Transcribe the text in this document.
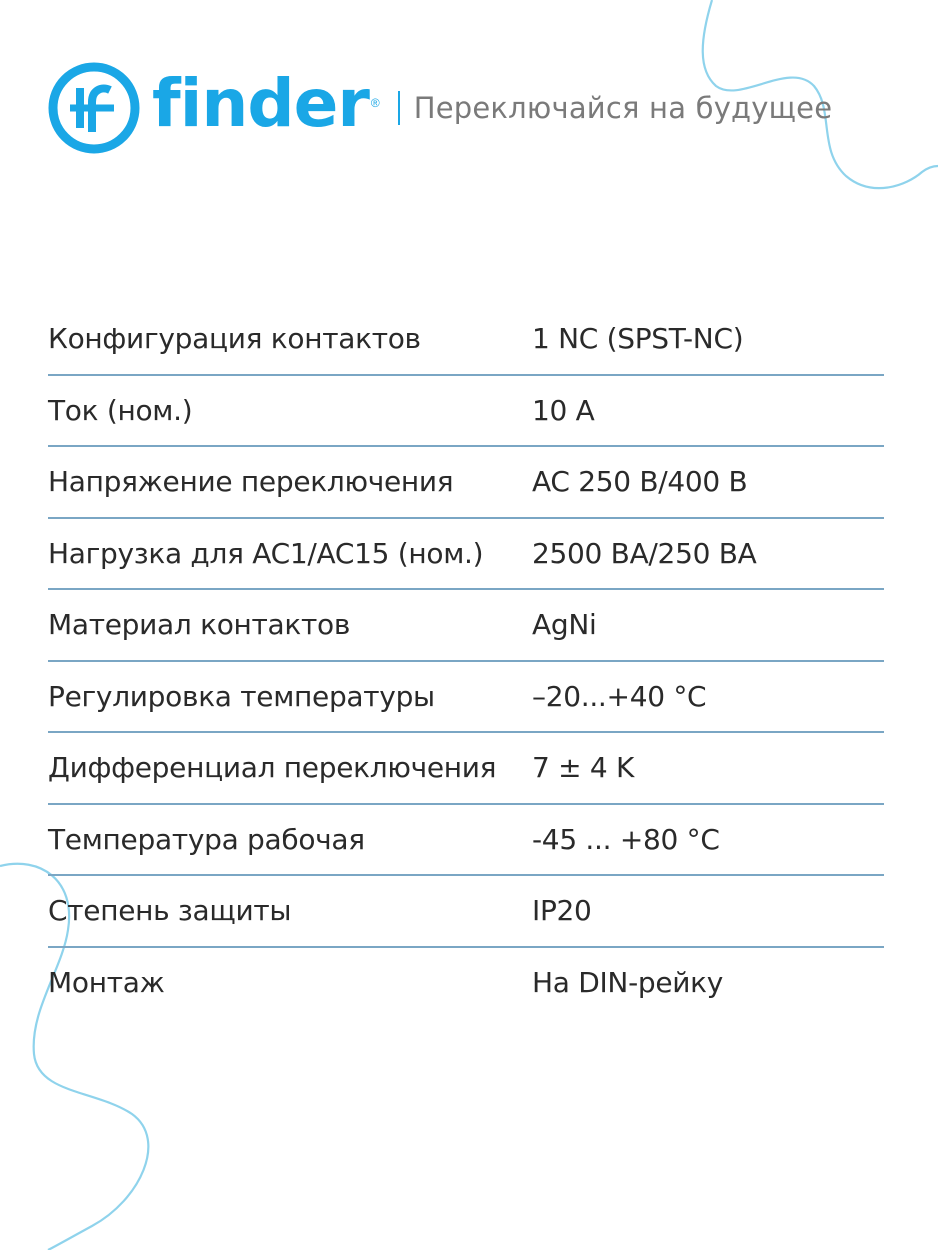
finder ® Переключайся на будущее
Конфигурация контактов	1 NC (SPST-NC)
Ток (ном.)	10 A
Напряжение переключения	AC 250 В/400 В
Нагрузка для AC1/AC15 (ном.)	2500 ВА/250 ВА
Материал контактов	AgNi
Регулировка температуры	–20...+40 °C
Дифференциал переключения	7 ± 4 K
Температура рабочая	-45 ... +80 °C
Степень защиты	IP20
Монтаж	На DIN-рейку
